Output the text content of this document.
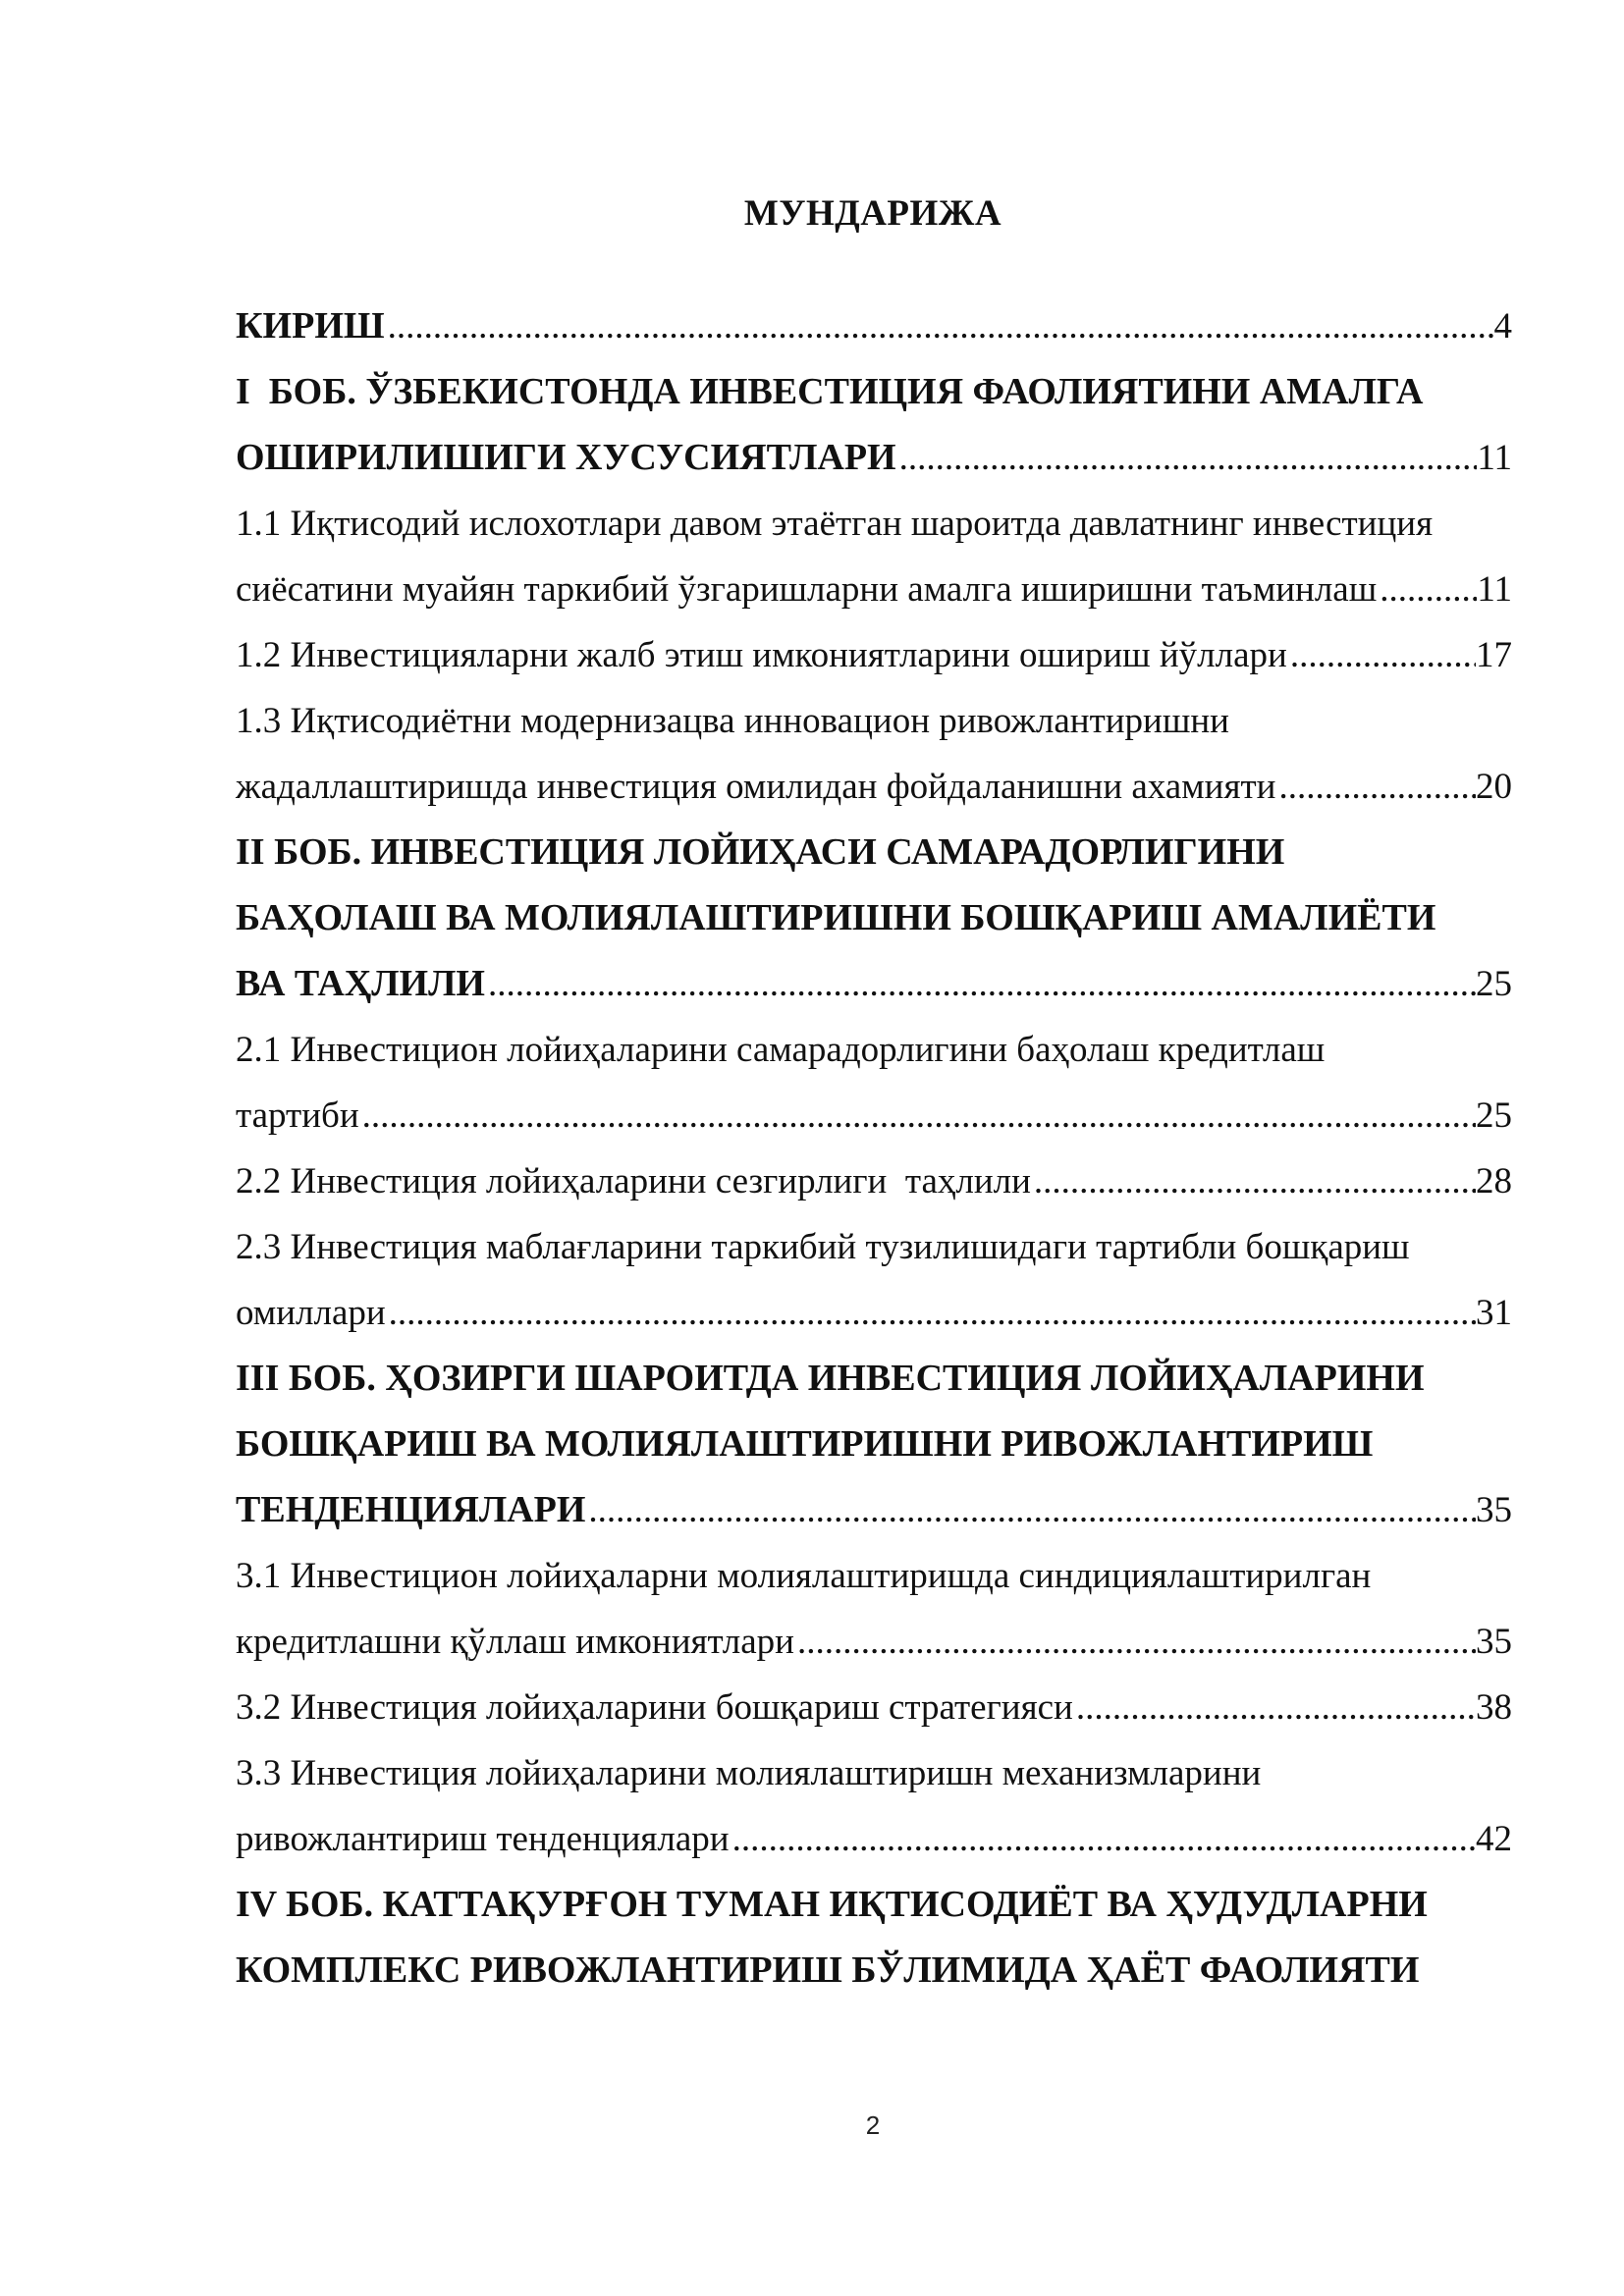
МУНДАРИЖА
КИРИШ .....	4
I  БОБ. ЎЗБЕКИСТОНДА ИНВЕСТИЦИЯ ФАОЛИЯТИНИ АМАЛГА
ОШИРИЛИШИГИ ХУСУСИЯТЛАРИ .....	11
1.1 Иқтисодий ислохотлари давом этаётган шароитда давлатнинг инвестиция
сиёсатини муайян таркибий ўзгаришларни амалга иширишни таъминлаш .....	11
1.2 Инвестицияларни жалб этиш имкониятларини ошириш йўллари .....	17
1.3 Иқтисодиётни модернизацва инновацион ривожлантиришни
жадаллаштиришда инвестиция омилидан фойдаланишни ахамияти .....	20
II БОБ. ИНВЕСТИЦИЯ ЛОЙИҲАСИ САМАРАДОРЛИГИНИ
БАҲОЛАШ ВА МОЛИЯЛАШТИРИШНИ БОШҚАРИШ АМАЛИЁТИ
ВА ТАҲЛИЛИ .....	25
2.1 Инвестицион лойиҳаларини самарадорлигини баҳолаш кредитлаш
тартиби .....	25
2.2 Инвестиция лойиҳаларини сезгирлиги  таҳлили .....	28
2.3 Инвестиция маблағларини таркибий тузилишидаги тартибли бошқариш
омиллари .....	31
III БОБ. ҲОЗИРГИ ШАРОИТДА ИНВЕСТИЦИЯ ЛОЙИҲАЛАРИНИ
БОШҚАРИШ ВА МОЛИЯЛАШТИРИШНИ РИВОЖЛАНТИРИШ
ТЕНДЕНЦИЯЛАРИ .....	35
3.1 Инвестицион лойиҳаларни молиялаштиришда синдициялаштирилган
кредитлашни қўллаш имкониятлари .....	35
3.2 Инвестиция лойиҳаларини бошқариш стратегияси .....	38
3.3 Инвестиция лойиҳаларини молиялаштиришн механизмларини
ривожлантириш тенденциялари .....	42
IV БОБ. КАТТАҚУРҒОН ТУМАН ИҚТИСОДИЁТ ВА ҲУДУДЛАРНИ
КОМПЛЕКС РИВОЖЛАНТИРИШ БЎЛИМИДА ҲАЁТ ФАОЛИЯТИ
2
